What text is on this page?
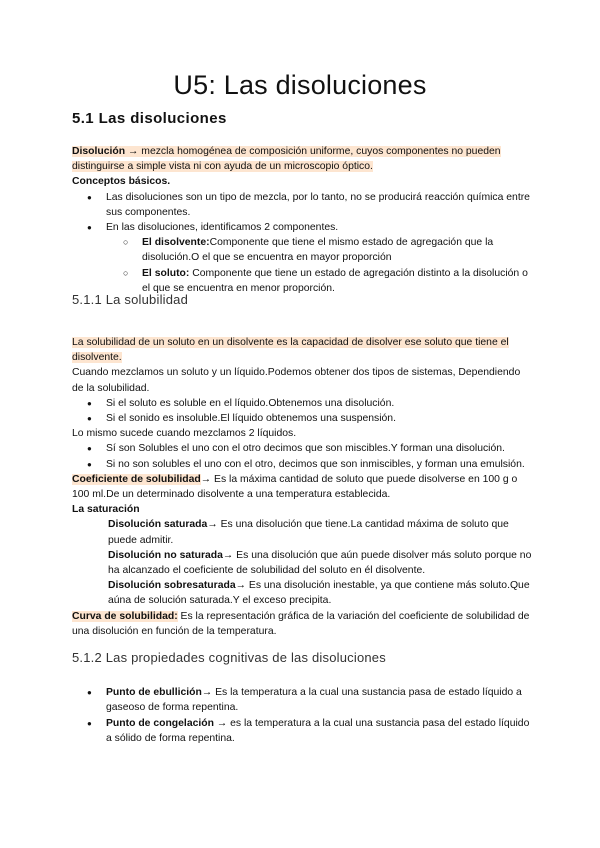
U5: Las disoluciones
5.1 Las disoluciones

Disolución → mezcla homogénea de composición uniforme, cuyos componentes no pueden distinguirse a simple vista ni con ayuda de un microscopio óptico.

Conceptos básicos.

● Las disoluciones son un tipo de mezcla, por lo tanto, no se producirá reacción química entre sus componentes.
● En las disoluciones, identificamos 2 componentes.
○ El disolvente:Componente que tiene el mismo estado de agregación que la disolución.O el que se encuentra en mayor proporción
○ El soluto: Componente que tiene un estado de agregación distinto a la disolución o el que se encuentra en menor proporción.

La solubilidad de un soluto en un disolvente es la capacidad de disolver ese soluto que tiene el disolvente.

Cuando mezclamos un soluto y un líquido.Podemos obtener dos tipos de sistemas, Dependiendo de la solubilidad.

● Si el soluto es soluble en el líquido.Obtenemos una disolución.
● Si el sonido es insoluble.El líquido obtenemos una suspensión.

Lo mismo sucede cuando mezclamos 2 líquidos.

● Sí son Solubles el uno con el otro decimos que son miscibles.Y forman una disolución.
● Si no son solubles el uno con el otro, decimos que son inmiscibles, y forman una emulsión.

Coeficiente de solubilidad→ Es la máxima cantidad de soluto que puede disolverse en 100 g o 100 ml.De un determinado disolvente a una temperatura establecida.

La saturación

Disolución saturada→ Es una disolución que tiene.La cantidad máxima de soluto que puede admitir.

Disolución no saturada→ Es una disolución que aún puede disolver más soluto porque no ha alcanzado el coeficiente de solubilidad del soluto en él disolvente.

Disolución sobresaturada→ Es una disolución inestable, ya que contiene más soluto.Que aúna de solución saturada.Y el exceso precipita.

Curva de solubilidad: Es la representación gráfica de la variación del coeficiente de solubilidad de una disolución en función de la temperatura.

● Punto de ebullición→ Es la temperatura a la cual una sustancia pasa de estado líquido a gaseoso de forma repentina.
● Punto de congelación → es la temperatura a la cual una sustancia pasa del estado líquido a sólido de forma repentina.
5.1.1 La solubilidad
5.1.2 Las propiedades cognitivas de las disoluciones
